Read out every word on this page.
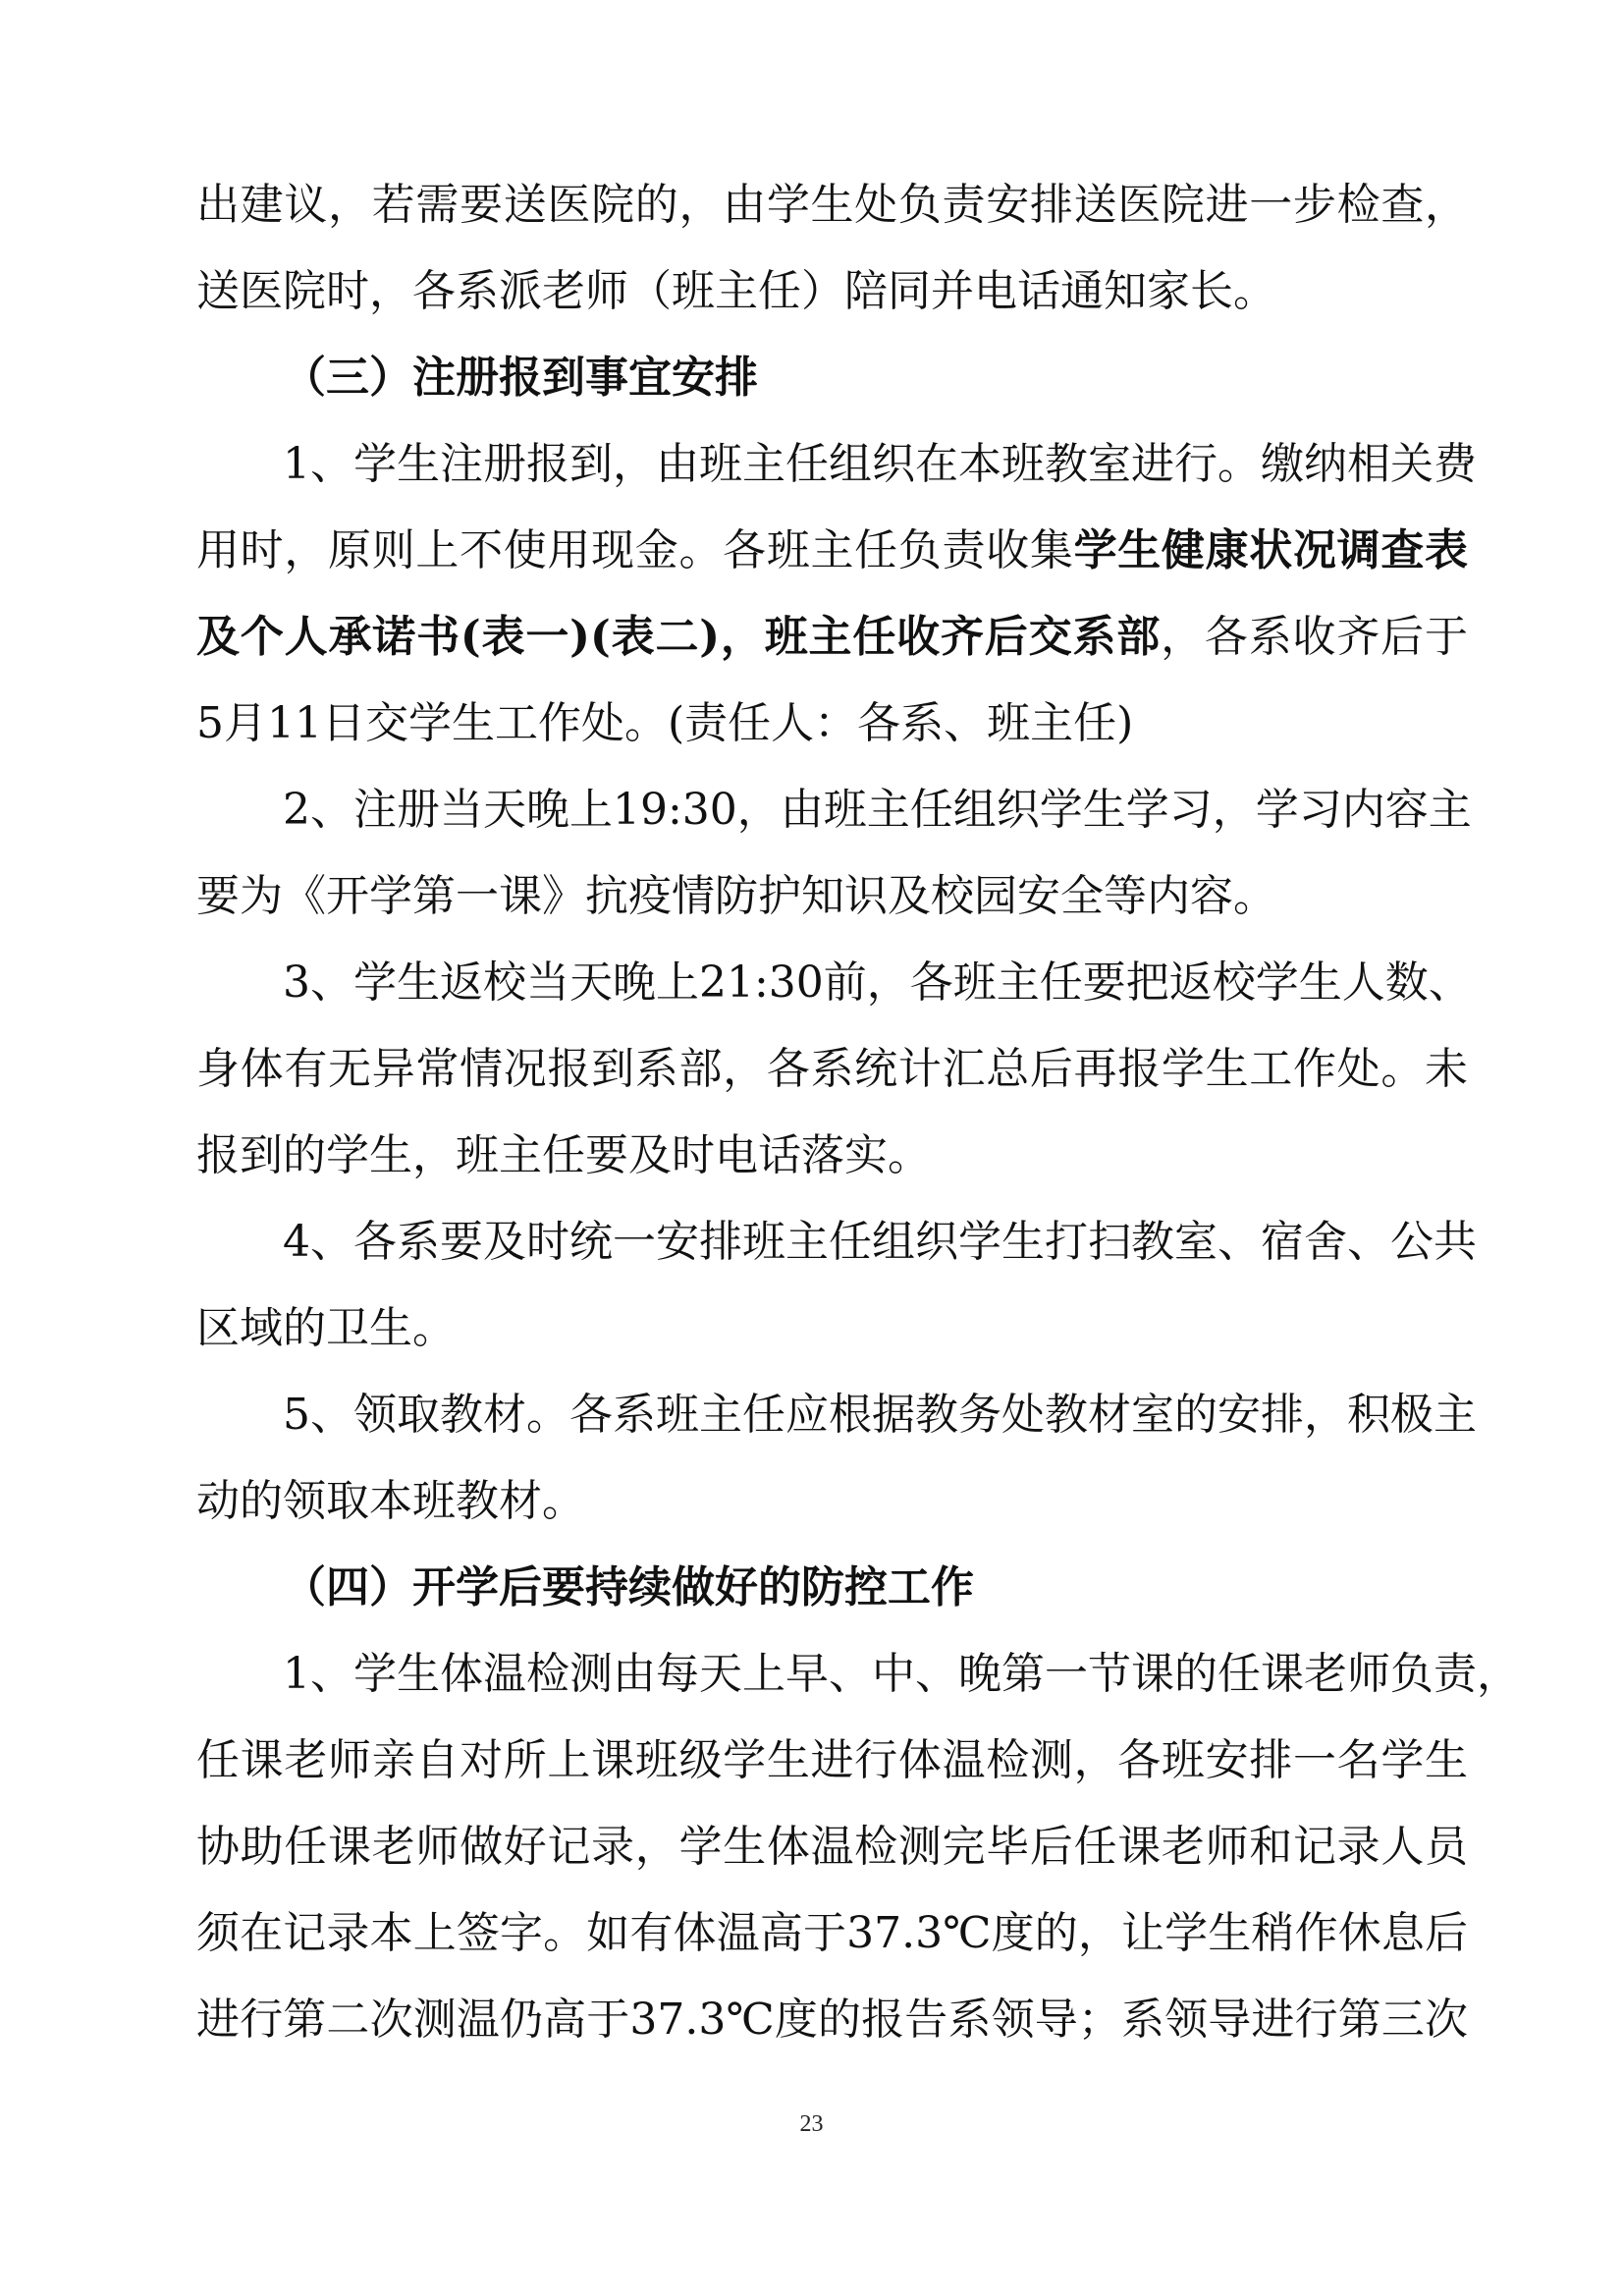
出建议，若需要送医院的，由学生处负责安排送医院进一步检查，
送医院时，各系派老师（班主任）陪同并电话通知家长。
（三）注册报到事宜安排
1、学生注册报到，由班主任组织在本班教室进行。缴纳相关费
用时，原则上不使用现金。各班主任负责收集学生健康状况调查表
及个人承诺书(表一)(表二)，班主任收齐后交系部，各系收齐后于
5月11日交学生工作处。(责任人：各系、班主任)
2、注册当天晚上19:30，由班主任组织学生学习，学习内容主
要为《开学第一课》抗疫情防护知识及校园安全等内容。
3、学生返校当天晚上21:30前，各班主任要把返校学生人数、
身体有无异常情况报到系部，各系统计汇总后再报学生工作处。未
报到的学生，班主任要及时电话落实。
4、各系要及时统一安排班主任组织学生打扫教室、宿舍、公共
区域的卫生。
5、领取教材。各系班主任应根据教务处教材室的安排，积极主
动的领取本班教材。
（四）开学后要持续做好的防控工作
1、学生体温检测由每天上早、中、晚第一节课的任课老师负责，
任课老师亲自对所上课班级学生进行体温检测，各班安排一名学生
协助任课老师做好记录，学生体温检测完毕后任课老师和记录人员
须在记录本上签字。如有体温高于37.3℃度的，让学生稍作休息后
进行第二次测温仍高于37.3℃度的报告系领导；系领导进行第三次
23
